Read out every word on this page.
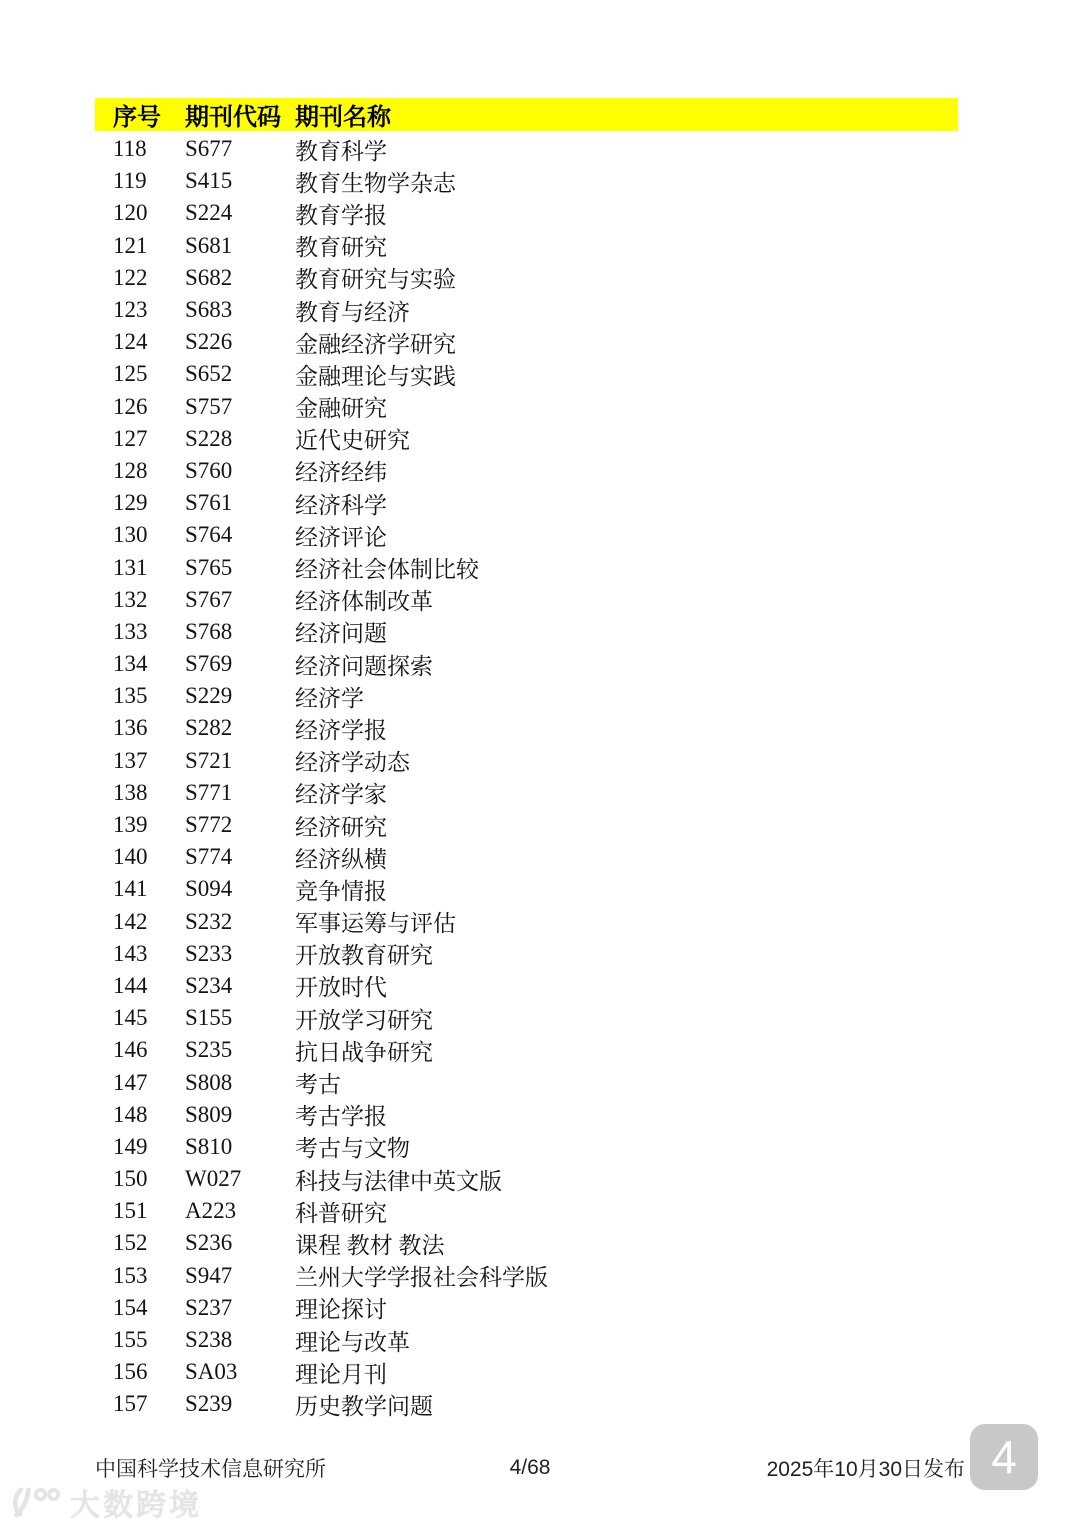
序号	期刊代码 期刊名称
118	S677	教育科学
119	S415	教育生物学杂志
120	S224	教育学报
121	S681	教育研究
122	S682	教育研究与实验
123	S683	教育与经济
124	S226	金融经济学研究
125	S652	金融理论与实践
126	S757	金融研究
127	S228	近代史研究
128	S760	经济经纬
129	S761	经济科学
130	S764	经济评论
131	S765	经济社会体制比较
132	S767	经济体制改革
133	S768	经济问题
134	S769	经济问题探索
135	S229	经济学
136	S282	经济学报
137	S721	经济学动态
138	S771	经济学家
139	S772	经济研究
140	S774	经济纵横
141	S094	竞争情报
142	S232	军事运筹与评估
143	S233	开放教育研究
144	S234	开放时代
145	S155	开放学习研究
146	S235	抗日战争研究
147	S808	考古
148	S809	考古学报
149	S810	考古与文物
150	W027	科技与法律中英文版
151	A223	科普研究
152	S236	课程 教材 教法
153	S947	兰州大学学报社会科学版
154	S237	理论探讨
155	S238	理论与改革
156	SA03	理论月刊
157	S239	历史教学问题
中国科学技术信息研究所	4/68	2025年10月30日发布 4
大数跨境
